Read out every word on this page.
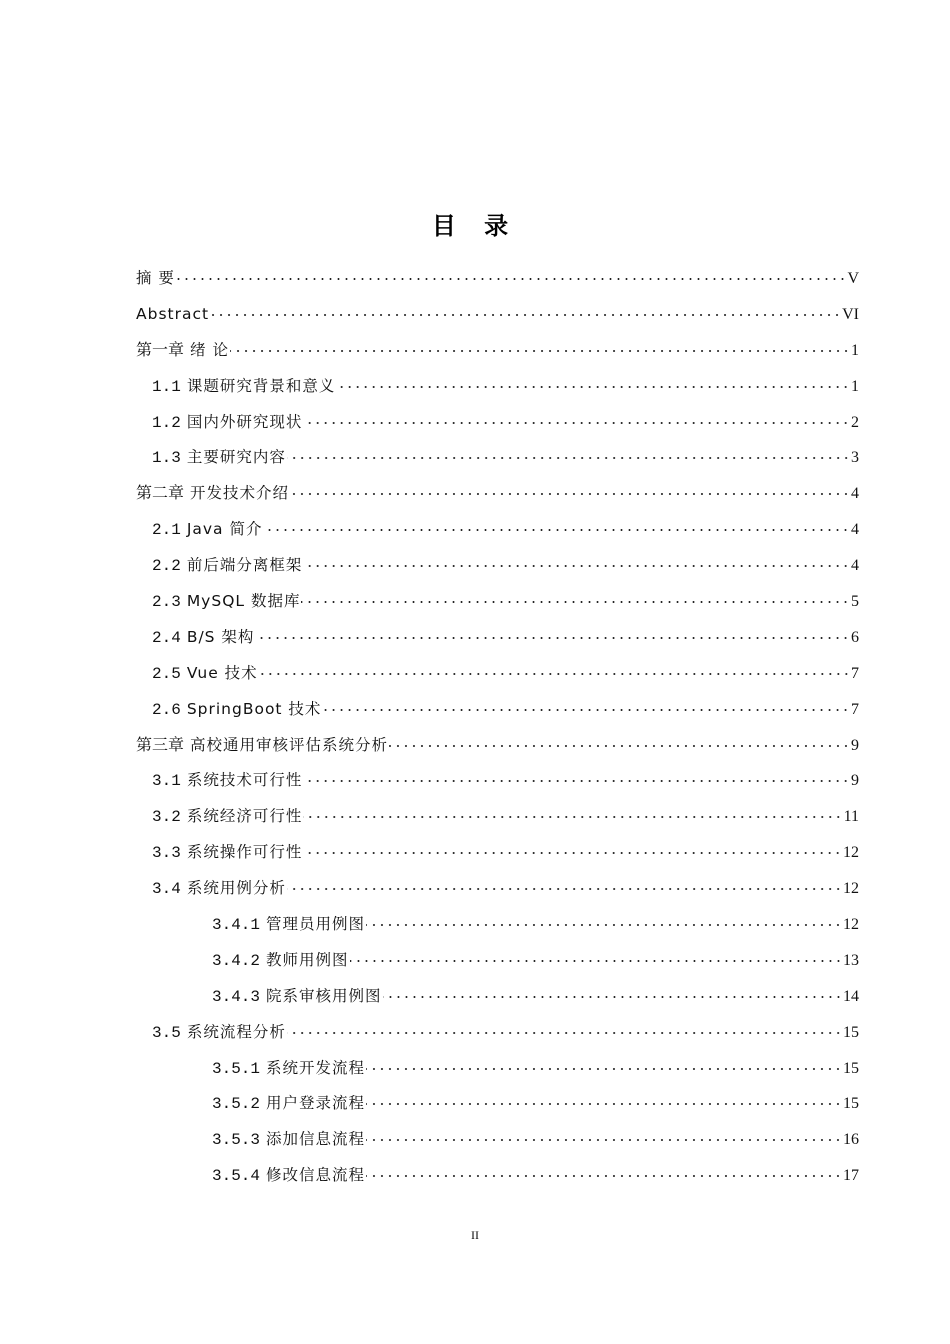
目 录
摘 要	V
Abstract	VI
第一章 绪 论	1
1.1 课题研究背景和意义	1
1.2 国内外研究现状	2
1.3 主要研究内容	3
第二章 开发技术介绍	4
2.1 Java 简介	4
2.2 前后端分离框架	4
2.3 MySQL 数据库	5
2.4 B/S 架构	6
2.5 Vue 技术	7
2.6 SpringBoot 技术	7
第三章 高校通用审核评估系统分析	9
3.1 系统技术可行性	9
3.2 系统经济可行性	11
3.3 系统操作可行性	12
3.4 系统用例分析	12
3.4.1 管理员用例图	12
3.4.2 教师用例图	13
3.4.3 院系审核用例图	14
3.5 系统流程分析	15
3.5.1 系统开发流程	15
3.5.2 用户登录流程	15
3.5.3 添加信息流程	16
3.5.4 修改信息流程	17
II
